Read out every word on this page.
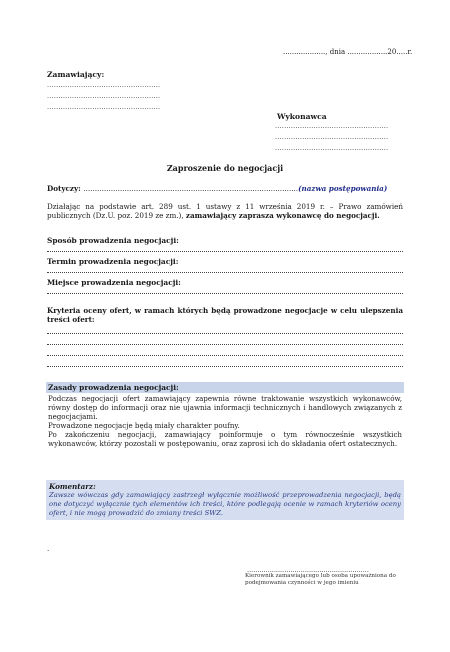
..................., dnia ..................20.....r.
Zamawiający:
..................................................
..................................................
..................................................
Wykonawca
..................................................
..................................................
..................................................
Zaproszenie do negocjacji
Dotyczy: ..............................................................................................(nazwa postępowania)
Działając na podstawie art. 289 ust. 1 ustawy z 11 września 2019 r. – Prawo zamówień publicznych (Dz.U. poz. 2019 ze zm.), zamawiający zaprasza wykonawcę do negocjacji.
Sposób prowadzenia negocjacji:
Termin prowadzenia negocjacji:
Miejsce prowadzenia negocjacji:
Kryteria oceny ofert, w ramach których będą prowadzone negocjacje w celu ulepszenia treści ofert:
Zasady prowadzenia negocjacji:

Podczas negocjacji ofert zamawiający zapewnia równe traktowanie wszystkich wykonawców, równy dostęp do informacji oraz nie ujawnia informacji technicznych i handlowych związanych z negocjacjami.

Prowadzone negocjacje będą miały charakter poufny.

Po zakończeniu negocjacji, zamawiający poinformuje o tym równocześnie wszystkich wykonawców, którzy pozostali w postępowaniu, oraz zaprosi ich do składania ofert ostatecznych.

Komentarz:
Zawsze wówczas gdy zamawiający zastrzegł wyłącznie możliwość przeprowadzenia negocjacji, będą one dotyczyć wyłącznie tych elementów ich treści, które podlegają ocenie w ramach kryteriów oceny ofert, i nie mogą prowadzić do zmiany treści SWZ.
.
...........................................................
Kierownik zamawiającego lub osoba upoważniona do podejmowania czynności w jego imieniu
